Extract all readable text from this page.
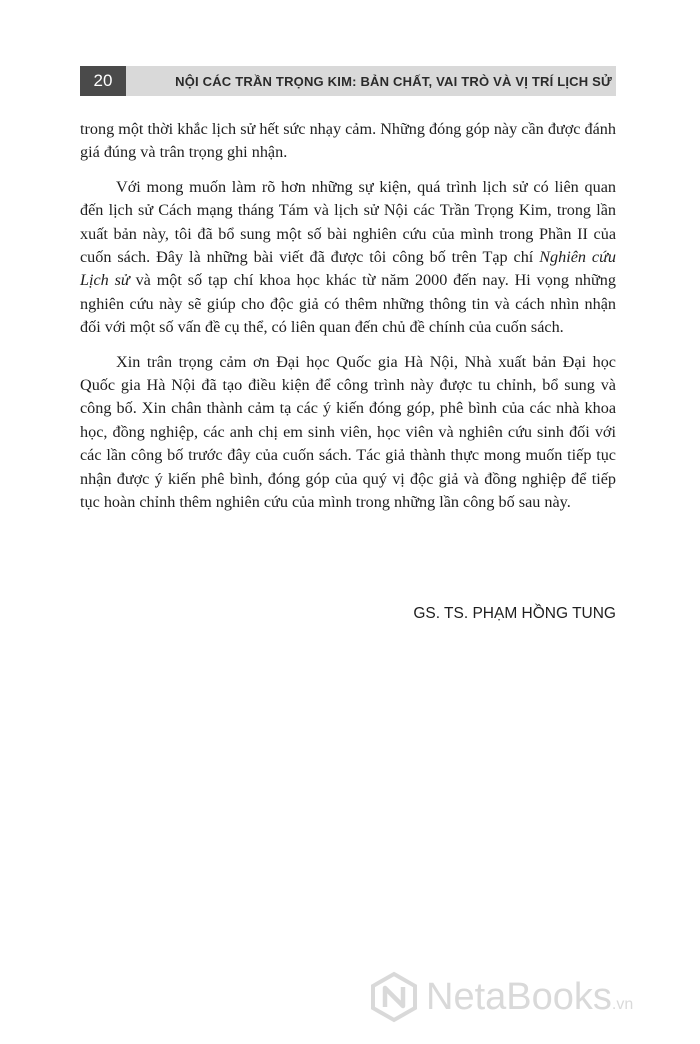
20	NỘI CÁC TRẦN TRỌNG KIM: BẢN CHẤT, VAI TRÒ VÀ VỊ TRÍ LỊCH SỬ

trong một thời khắc lịch sử hết sức nhạy cảm. Những đóng góp này cần được đánh giá đúng và trân trọng ghi nhận.

Với mong muốn làm rõ hơn những sự kiện, quá trình lịch sử có liên quan đến lịch sử Cách mạng tháng Tám và lịch sử Nội các Trần Trọng Kim, trong lần xuất bản này, tôi đã bổ sung một số bài nghiên cứu của mình trong Phần II của cuốn sách. Đây là những bài viết đã được tôi công bố trên Tạp chí Nghiên cứu Lịch sử và một số tạp chí khoa học khác từ năm 2000 đến nay. Hi vọng những nghiên cứu này sẽ giúp cho độc giả có thêm những thông tin và cách nhìn nhận đối với một số vấn đề cụ thể, có liên quan đến chủ đề chính của cuốn sách.

Xin trân trọng cảm ơn Đại học Quốc gia Hà Nội, Nhà xuất bản Đại học Quốc gia Hà Nội đã tạo điều kiện để công trình này được tu chỉnh, bổ sung và công bố. Xin chân thành cảm tạ các ý kiến đóng góp, phê bình của các nhà khoa học, đồng nghiệp, các anh chị em sinh viên, học viên và nghiên cứu sinh đối với các lần công bố trước đây của cuốn sách. Tác giả thành thực mong muốn tiếp tục nhận được ý kiến phê bình, đóng góp của quý vị độc giả và đồng nghiệp để tiếp tục hoàn chỉnh thêm nghiên cứu của mình trong những lần công bố sau này.

GS. TS. PHẠM HỒNG TUNG
NetaBooks.vn
